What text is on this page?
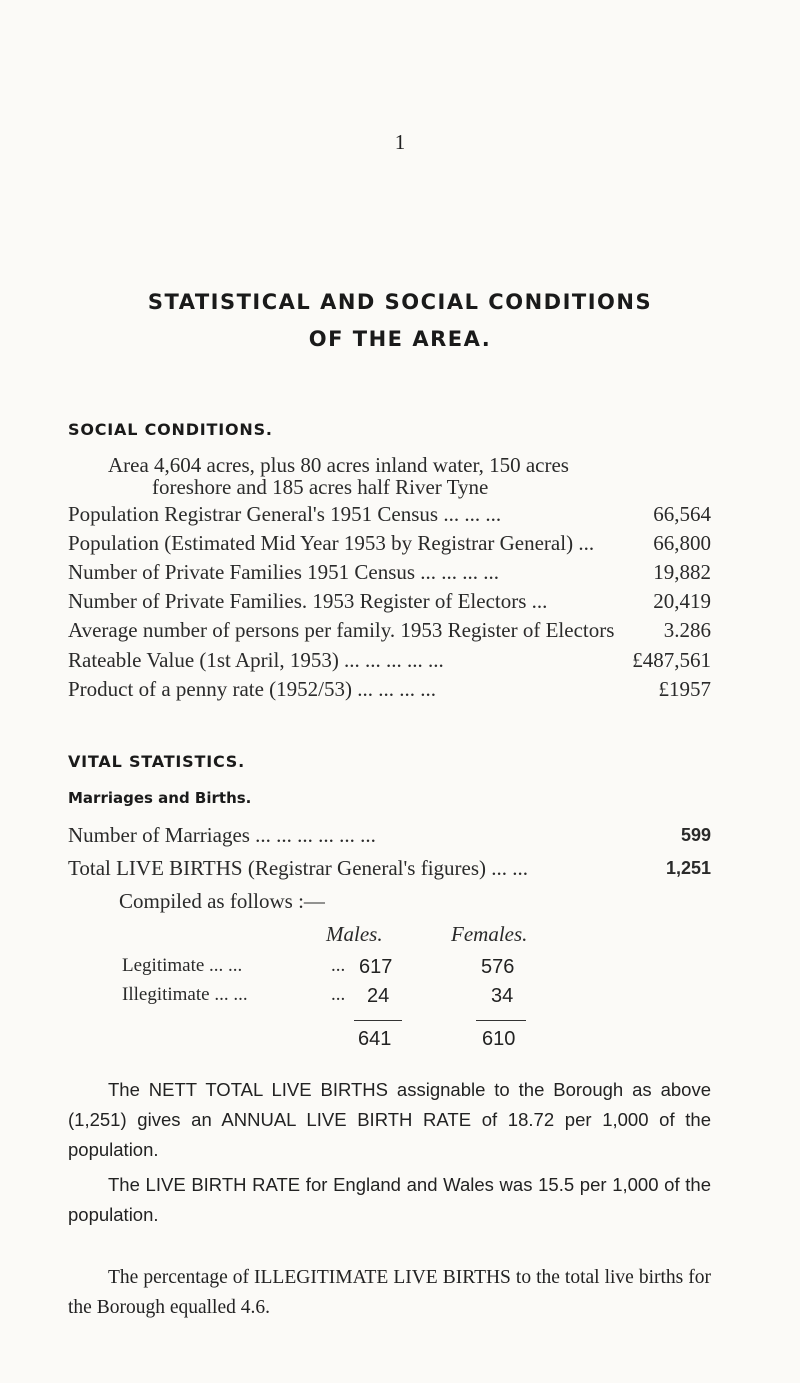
1
STATISTICAL AND SOCIAL CONDITIONS
OF THE AREA.
SOCIAL CONDITIONS.
Area 4,604 acres, plus 80 acres inland water, 150 acres
foreshore and 185 acres half River Tyne
Population Registrar General's 1951 Census ... ... ...	66,564
Population (Estimated Mid Year 1953 by Registrar General) ...	66,800
Number of Private Families 1951 Census ... ... ... ...	19,882
Number of Private Families. 1953 Register of Electors ...	20,419
Average number of persons per family. 1953 Register of Electors 3.286
Rateable Value (1st April, 1953) ... ... ... ... ...	£487,561
Product of a penny rate (1952/53) ... ... ... ...	£1957
VITAL STATISTICS.
Marriages and Births.
Number of Marriages ... ... ... ... ... ...	599
Total LIVE BIRTHS (Registrar General's figures) ... ...	1,251
Compiled as follows :—
Males.	Females.
Legitimate ... ...	... 617	576
Illegitimate ... ...	... 24	34
641	610
The NETT TOTAL LIVE BIRTHS assignable to the Borough as above (1,251) gives an ANNUAL LIVE BIRTH RATE of 18.72 per 1,000 of the population.
The LIVE BIRTH RATE for England and Wales was 15.5 per 1,000 of the population.
The percentage of ILLEGITIMATE LIVE BIRTHS to the total live births for the Borough equalled 4.6.
